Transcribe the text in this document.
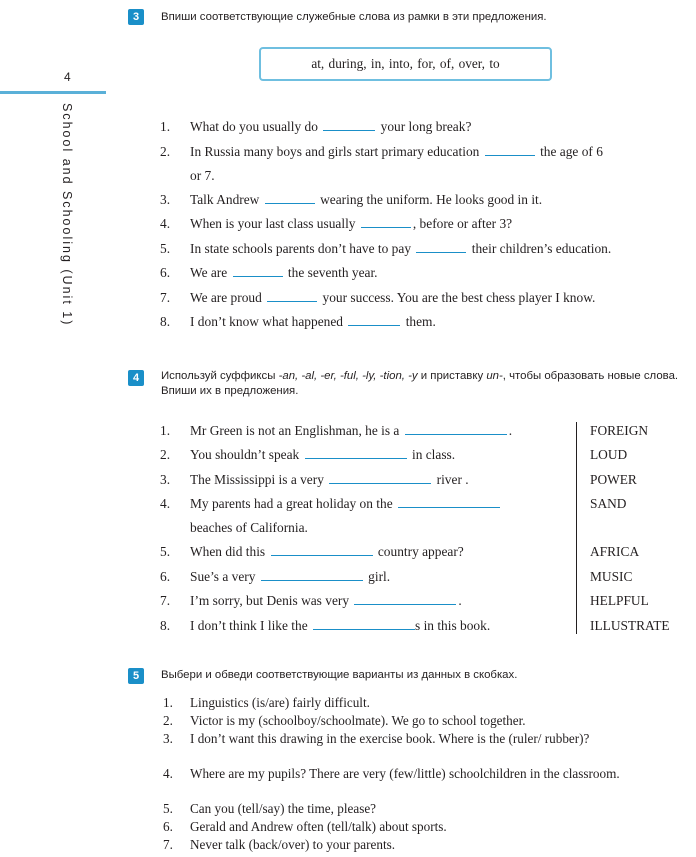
4
School and Schooling (Unit 1)
3	Впиши соответствующие служебные слова из рамки в эти предложения.
at, during, in, into, for, of, over, to
1. What do you usually do	your long break?
2. In Russia many boys and girls start primary education	the age of 6
or 7.
3. Talk Andrew	wearing the uniform. He looks good in it.
4. When is your last class usually	, before or after 3?
5. In state schools parents don’t have to pay	their children’s education.
6. We are	the seventh year.
7. We are proud	your success. You are the best chess player I know.
8. I don’t know what happened	them.
4	Используй суффиксы -an, -al, -er, -ful, -ly, -tion, -y и приставку un-, чтобы образовать новые слова. Впиши их в предложения.
1. Mr Green is not an Englishman, he is a	.	FOREIGN
2. You shouldn’t speak	in class.	LOUD
3. The Mississippi is a very	river .	POWER
4. My parents had a great holiday on the	SAND
beaches of California.
5. When did this	country appear?	AFRICA
6. Sue’s a very	girl.	MUSIC
7. I’m sorry, but Denis was very	.	HELPFUL
8. I don’t think I like the	s in this book.	ILLUSTRATE
5	Выбери и обведи соответствующие варианты из данных в скобках.
1. Linguistics (is/are) fairly difficult.
2. Victor is my (schoolboy/schoolmate). We go to school together.
3. I don’t want this drawing in the exercise book. Where is the (ruler/ rubber)?
4. Where are my pupils? There are very (few/little) schoolchildren in the classroom.
5. Can you (tell/say) the time, please?
6. Gerald and Andrew often (tell/talk) about sports.
7. Never talk (back/over) to your parents.
